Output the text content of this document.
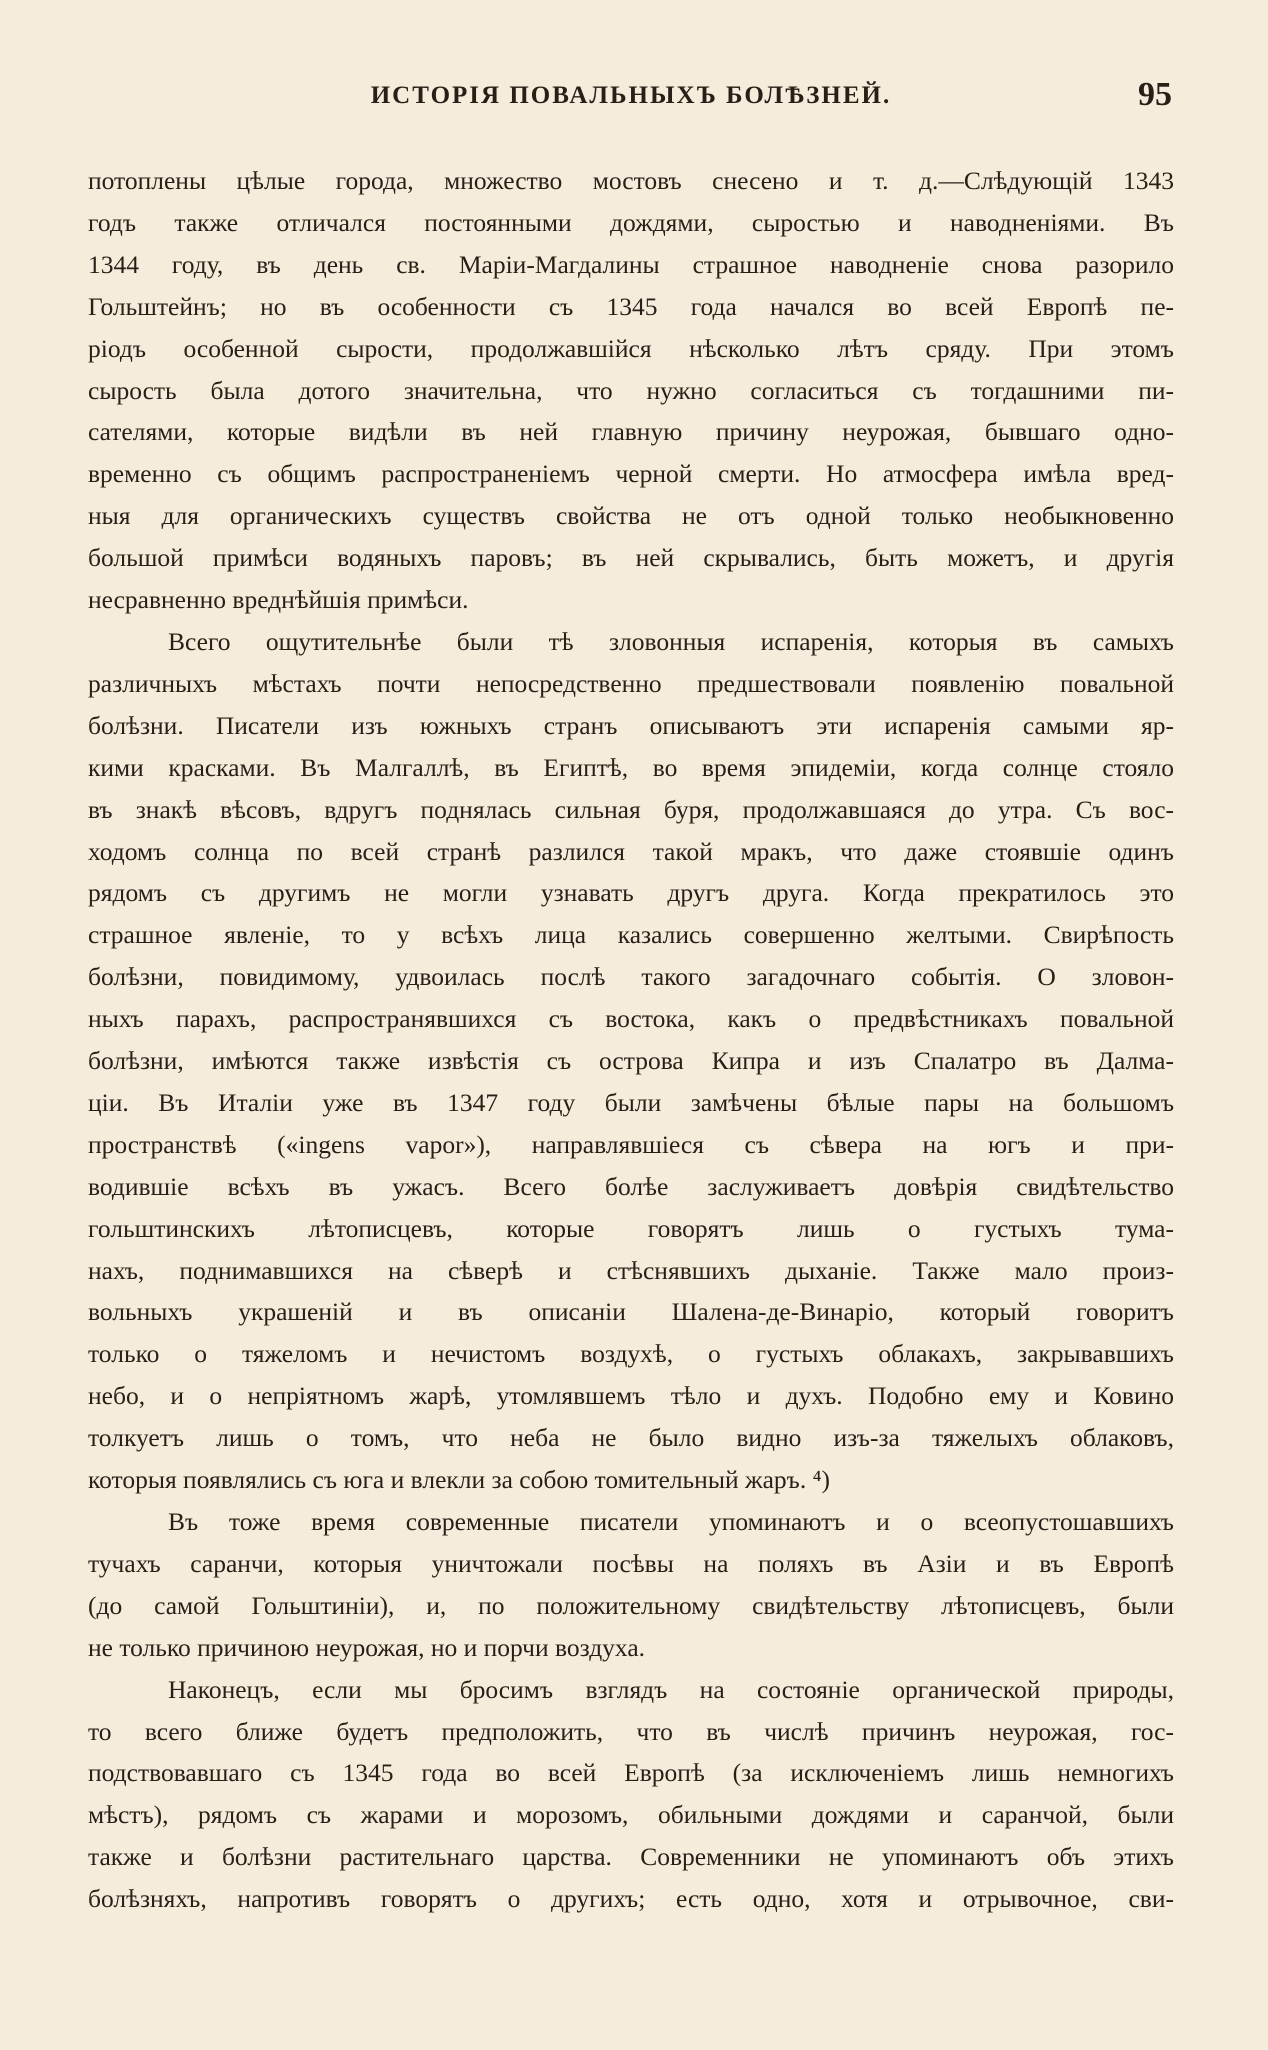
ИСТОРІЯ ПОВАЛЬНЫХЪ БОЛѢЗНЕЙ.	95

потоплены цѣлые города, множество мостовъ снесено и т. д.—Слѣдующій 1343

годъ также отличался постоянными дождями, сыростью и наводненіями. Въ

1344 году, въ день св. Маріи-Магдалины страшное наводненіе снова разорило

Гольштейнъ; но въ особенности съ 1345 года начался во всей Европѣ пе-

ріодъ особенной сырости, продолжавшійся нѣсколько лѣтъ сряду. При этомъ

сырость была дотого значительна, что нужно согласиться съ тогдашними пи-

сателями, которые видѣли въ ней главную причину неурожая, бывшаго одно-

временно съ общимъ распространеніемъ черной смерти. Но атмосфера имѣла вред-

ныя для органическихъ существъ свойства не отъ одной только необыкновенно

большой примѣси водяныхъ паровъ; въ ней скрывались, быть можетъ, и другія

несравненно вреднѣйшія примѣси.

Всего ощутительнѣе были тѣ зловонныя испаренія, которыя въ самыхъ

различныхъ мѣстахъ почти непосредственно предшествовали появленію повальной

болѣзни. Писатели изъ южныхъ странъ описываютъ эти испаренія самыми яр-

кими красками. Въ Малгаллѣ, въ Египтѣ, во время эпидеміи, когда солнце стояло

въ знакѣ вѣсовъ, вдругъ поднялась сильная буря, продолжавшаяся до утра. Съ вос-

ходомъ солнца по всей странѣ разлился такой мракъ, что даже стоявшіе одинъ

рядомъ съ другимъ не могли узнавать другъ друга. Когда прекратилось это

страшное явленіе, то у всѣхъ лица казались совершенно желтыми. Свирѣпость

болѣзни, повидимому, удвоилась послѣ такого загадочнаго событія. О зловон-

ныхъ парахъ, распространявшихся съ востока, какъ о предвѣстникахъ повальной

болѣзни, имѣются также извѣстія съ острова Кипра и изъ Спалатро въ Далма-

ціи. Въ Италіи уже въ 1347 году были замѣчены бѣлые пары на большомъ

пространствѣ («ingens vapor»), направлявшіеся съ сѣвера на югъ и при-

водившіе всѣхъ въ ужасъ. Всего болѣе заслуживаетъ довѣрія свидѣтельство

гольштинскихъ лѣтописцевъ, которые говорятъ лишь о густыхъ тума-

нахъ, поднимавшихся на сѣверѣ и стѣснявшихъ дыханіе. Также мало произ-

вольныхъ украшеній и въ описаніи Шалена-де-Винаріо, который говоритъ

только о тяжеломъ и нечистомъ воздухѣ, о густыхъ облакахъ, закрывавшихъ

небо, и о непріятномъ жарѣ, утомлявшемъ тѣло и духъ. Подобно ему и Ковино

толкуетъ лишь о томъ, что неба не было видно изъ-за тяжелыхъ облаковъ,

которыя появлялись съ юга и влекли за собою томительный жаръ. ⁴)

Въ тоже время современные писатели упоминаютъ и о всеопустошавшихъ

тучахъ саранчи, которыя уничтожали посѣвы на поляхъ въ Азіи и въ Европѣ

(до самой Гольштиніи), и, по положительному свидѣтельству лѣтописцевъ, были

не только причиною неурожая, но и порчи воздуха.

Наконецъ, если мы бросимъ взглядъ на состояніе органической природы,

то всего ближе будетъ предположить, что въ числѣ причинъ неурожая, гос-

подствовавшаго съ 1345 года во всей Европѣ (за исключеніемъ лишь немногихъ

мѣстъ), рядомъ съ жарами и морозомъ, обильными дождями и саранчой, были

также и болѣзни растительнаго царства. Современники не упоминаютъ объ этихъ

болѣзняхъ, напротивъ говорятъ о другихъ; есть одно, хотя и отрывочное, сви-
